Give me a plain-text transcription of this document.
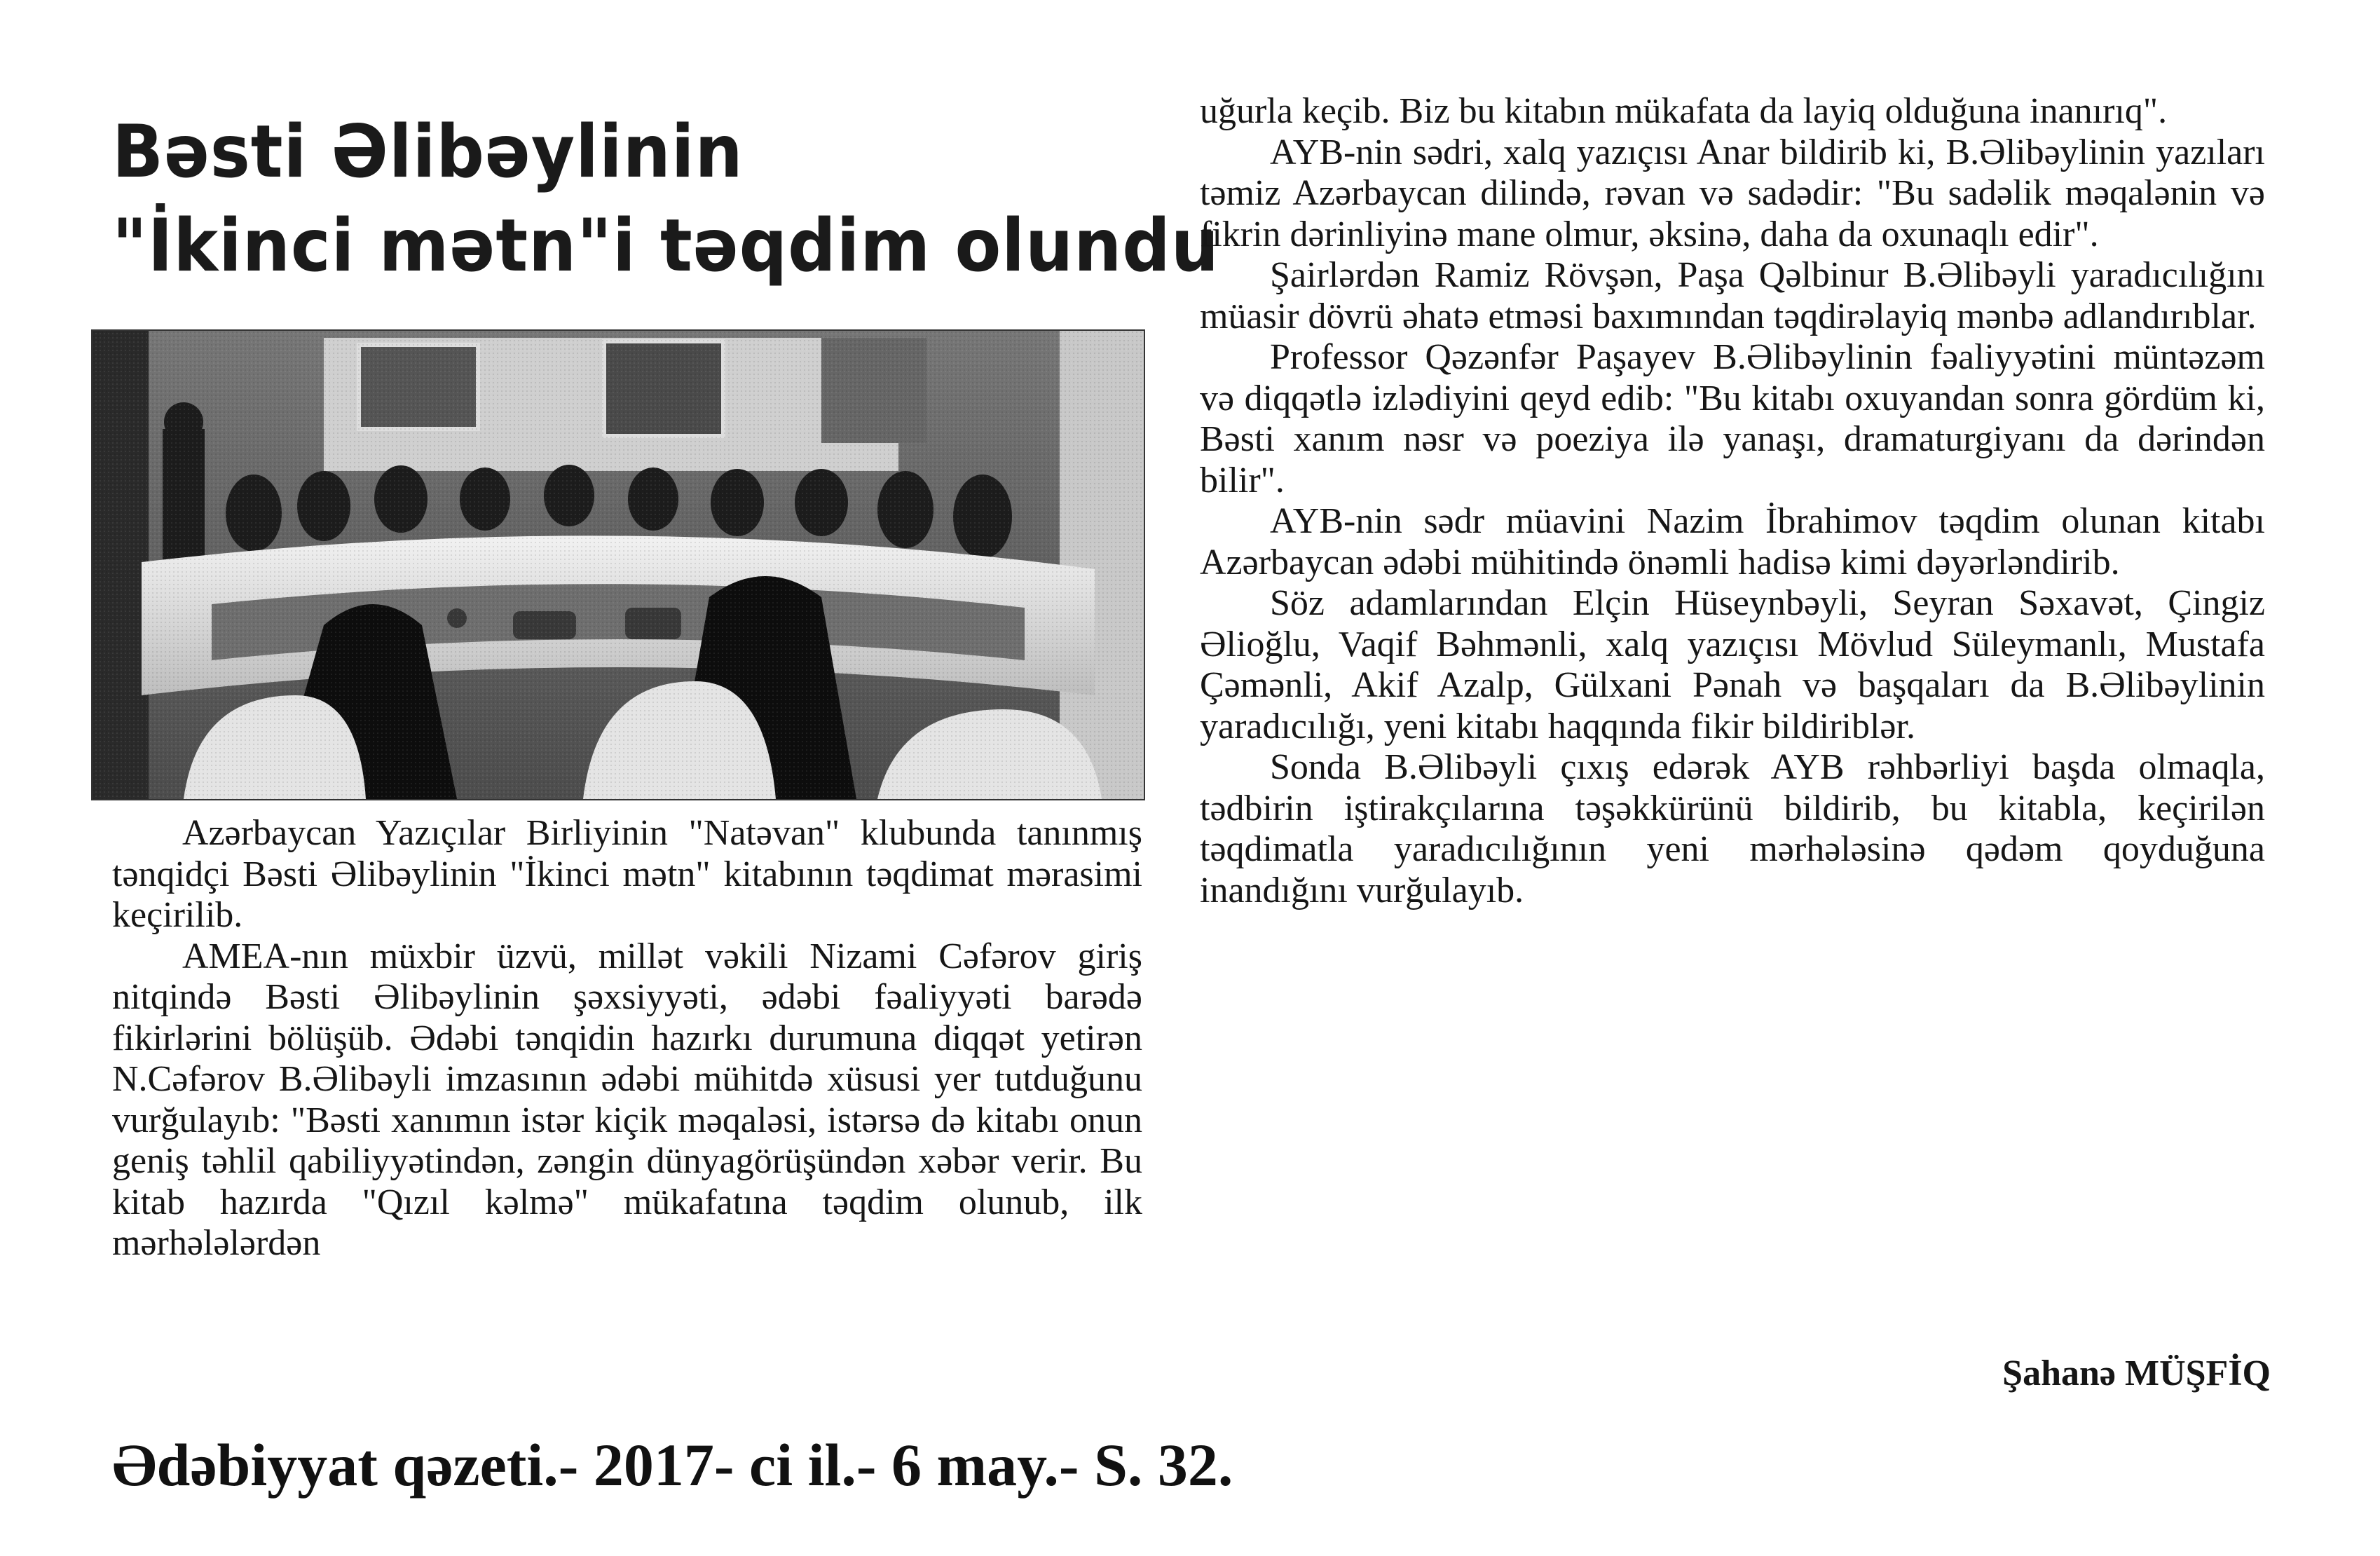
Bəsti Əlibəylinin
"İkinci mətn"i təqdim olundu

Azərbaycan Yazıçılar Birliyinin "Natəvan" klubunda tanınmış tənqidçi Bəsti Əlibəylinin "İkinci mətn" kitabının təqdimat mərasimi keçirilib.

AMEA-nın müxbir üzvü, millət vəkili Nizami Cəfərov giriş nitqində Bəsti Əlibəylinin şəxsiyyəti, ədəbi fəaliyyəti barədə fikirlərini bölüşüb. Ədəbi tənqidin hazırkı durumuna diqqət yetirən N.Cəfərov B.Əlibəyli imzasının ədəbi mühitdə xüsusi yer tutduğunu vurğulayıb: "Bəsti xanımın istər kiçik məqaləsi, istərsə də kitabı onun geniş təhlil qabiliyyətindən, zəngin dünyagörüşündən xəbər verir. Bu kitab hazırda "Qızıl kəlmə" mükafatına təqdim olunub, ilk mərhələlərdən

uğurla keçib. Biz bu kitabın mükafata da layiq olduğuna inanırıq".

AYB-nin sədri, xalq yazıçısı Anar bildirib ki, B.Əlibəylinin yazıları təmiz Azərbaycan dilində, rəvan və sadədir: "Bu sadəlik məqalənin və fikrin dərinliyinə mane olmur, əksinə, daha da oxunaqlı edir".

Şairlərdən Ramiz Rövşən, Paşa Qəlbinur B.Əlibəyli yaradıcılığını müasir dövrü əhatə etməsi baxımından təqdirəlayiq mənbə adlandırıblar.

Professor Qəzənfər Paşayev B.Əlibəylinin fəaliyyətini müntəzəm və diqqətlə izlədiyini qeyd edib: "Bu kitabı oxuyandan sonra gördüm ki, Bəsti xanım nəsr və poeziya ilə yanaşı, dramaturgiyanı da dərindən bilir".

AYB-nin sədr müavini Nazim İbrahimov təqdim olunan kitabı Azərbaycan ədəbi mühitində önəmli hadisə kimi dəyərləndirib.

Söz adamlarından Elçin Hüseynbəyli, Seyran Səxavət, Çingiz Əlioğlu, Vaqif Bəhmənli, xalq yazıçısı Mövlud Süleymanlı, Mustafa Çəmənli, Akif Azalp, Gülxani Pənah və başqaları da B.Əlibəylinin yaradıcılığı, yeni kitabı haqqında fikir bildiriblər.

Sonda B.Əlibəyli çıxış edərək AYB rəhbərliyi başda olmaqla, tədbirin iştirakçılarına təşəkkürünü bildirib, bu kitabla, keçirilən təqdimatla yaradıcılığının yeni mərhələsinə qədəm qoyduğuna inandığını vurğulayıb.

Şahanə MÜŞFİQ
Ədəbiyyat qəzeti.- 2017- ci il.- 6 may.- S. 32.
